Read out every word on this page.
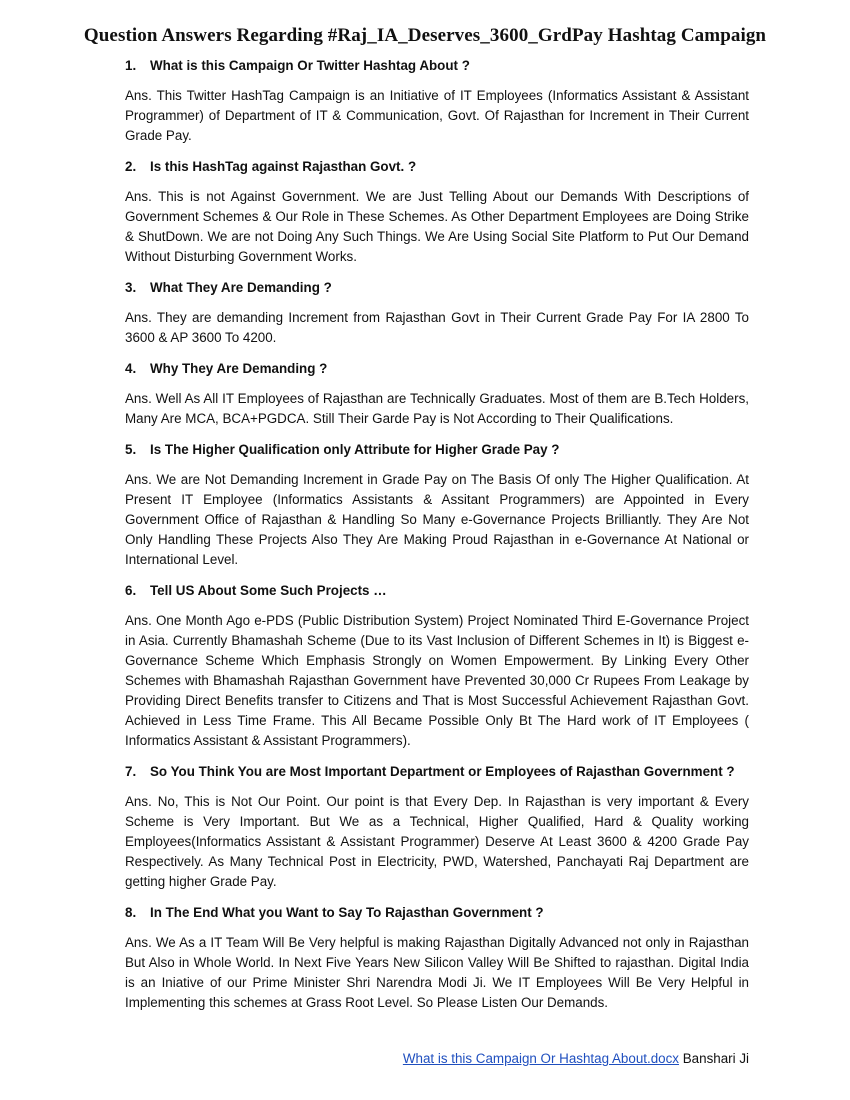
Question Answers Regarding #Raj_IA_Deserves_3600_GrdPay Hashtag Campaign
1.	What is this Campaign Or Twitter Hashtag About ?

Ans. This Twitter HashTag Campaign is an Initiative of IT Employees (Informatics Assistant & Assistant Programmer) of Department of IT & Communication, Govt. Of Rajasthan for Increment in Their Current Grade Pay.

2.	Is this HashTag against Rajasthan Govt. ?

Ans. This is not Against Government. We are Just Telling About our Demands With Descriptions of Government Schemes & Our Role in These Schemes. As Other Department Employees are Doing Strike & ShutDown. We are not Doing Any Such Things. We Are Using Social Site Platform to Put Our Demand Without Disturbing Government Works.

3.	What They Are Demanding ?

Ans. They are demanding Increment from Rajasthan Govt in Their Current Grade Pay For IA 2800 To 3600 & AP 3600 To 4200.

4.	Why They Are Demanding ?

Ans. Well As All IT Employees of Rajasthan are Technically Graduates. Most of them are B.Tech Holders, Many Are MCA, BCA+PGDCA. Still Their Garde Pay is Not According to Their Qualifications.

5.	Is The Higher Qualification only Attribute for Higher Grade Pay ?

Ans. We are Not Demanding Increment in Grade Pay on The Basis Of only The Higher Qualification. At Present IT Employee (Informatics Assistants & Assitant Programmers) are Appointed in Every Government Office of Rajasthan & Handling So Many e-Governance Projects Brilliantly. They Are Not Only Handling These Projects Also They Are Making Proud Rajasthan in e-Governance At National or International Level.

6.	Tell US About Some Such Projects …

Ans. One Month Ago e-PDS (Public Distribution System) Project Nominated Third E-Governance Project in Asia. Currently Bhamashah Scheme (Due to its Vast Inclusion of Different Schemes in It) is Biggest e-Governance Scheme Which Emphasis Strongly on Women Empowerment. By Linking Every Other Schemes with Bhamashah Rajasthan Government have Prevented 30,000 Cr Rupees From Leakage by Providing Direct Benefits transfer to Citizens and That is Most Successful Achievement Rajasthan Govt. Achieved in Less Time Frame. This All Became Possible Only Bt The Hard work of IT Employees ( Informatics Assistant & Assistant Programmers).

7.	So You Think You are Most Important Department or Employees of Rajasthan Government ?

Ans. No, This is Not Our Point. Our point is that Every Dep. In Rajasthan is very important & Every Scheme is Very Important. But We as a Technical, Higher Qualified, Hard & Quality working Employees(Informatics Assistant & Assistant Programmer) Deserve At Least 3600 & 4200 Grade Pay Respectively. As Many Technical Post in Electricity, PWD, Watershed, Panchayati Raj Department are getting higher Grade Pay.

8.	In The End What you Want to Say To Rajasthan Government ?

Ans. We As a IT Team Will Be Very helpful is making Rajasthan Digitally Advanced not only in Rajasthan But Also in Whole World. In Next Five Years New Silicon Valley Will Be Shifted to rajasthan. Digital India is an Iniative of our Prime Minister Shri Narendra Modi Ji. We IT Employees Will Be Very Helpful in Implementing this schemes at Grass Root Level. So Please Listen Our Demands.

What is this Campaign Or Hashtag About.docx Banshari Ji
